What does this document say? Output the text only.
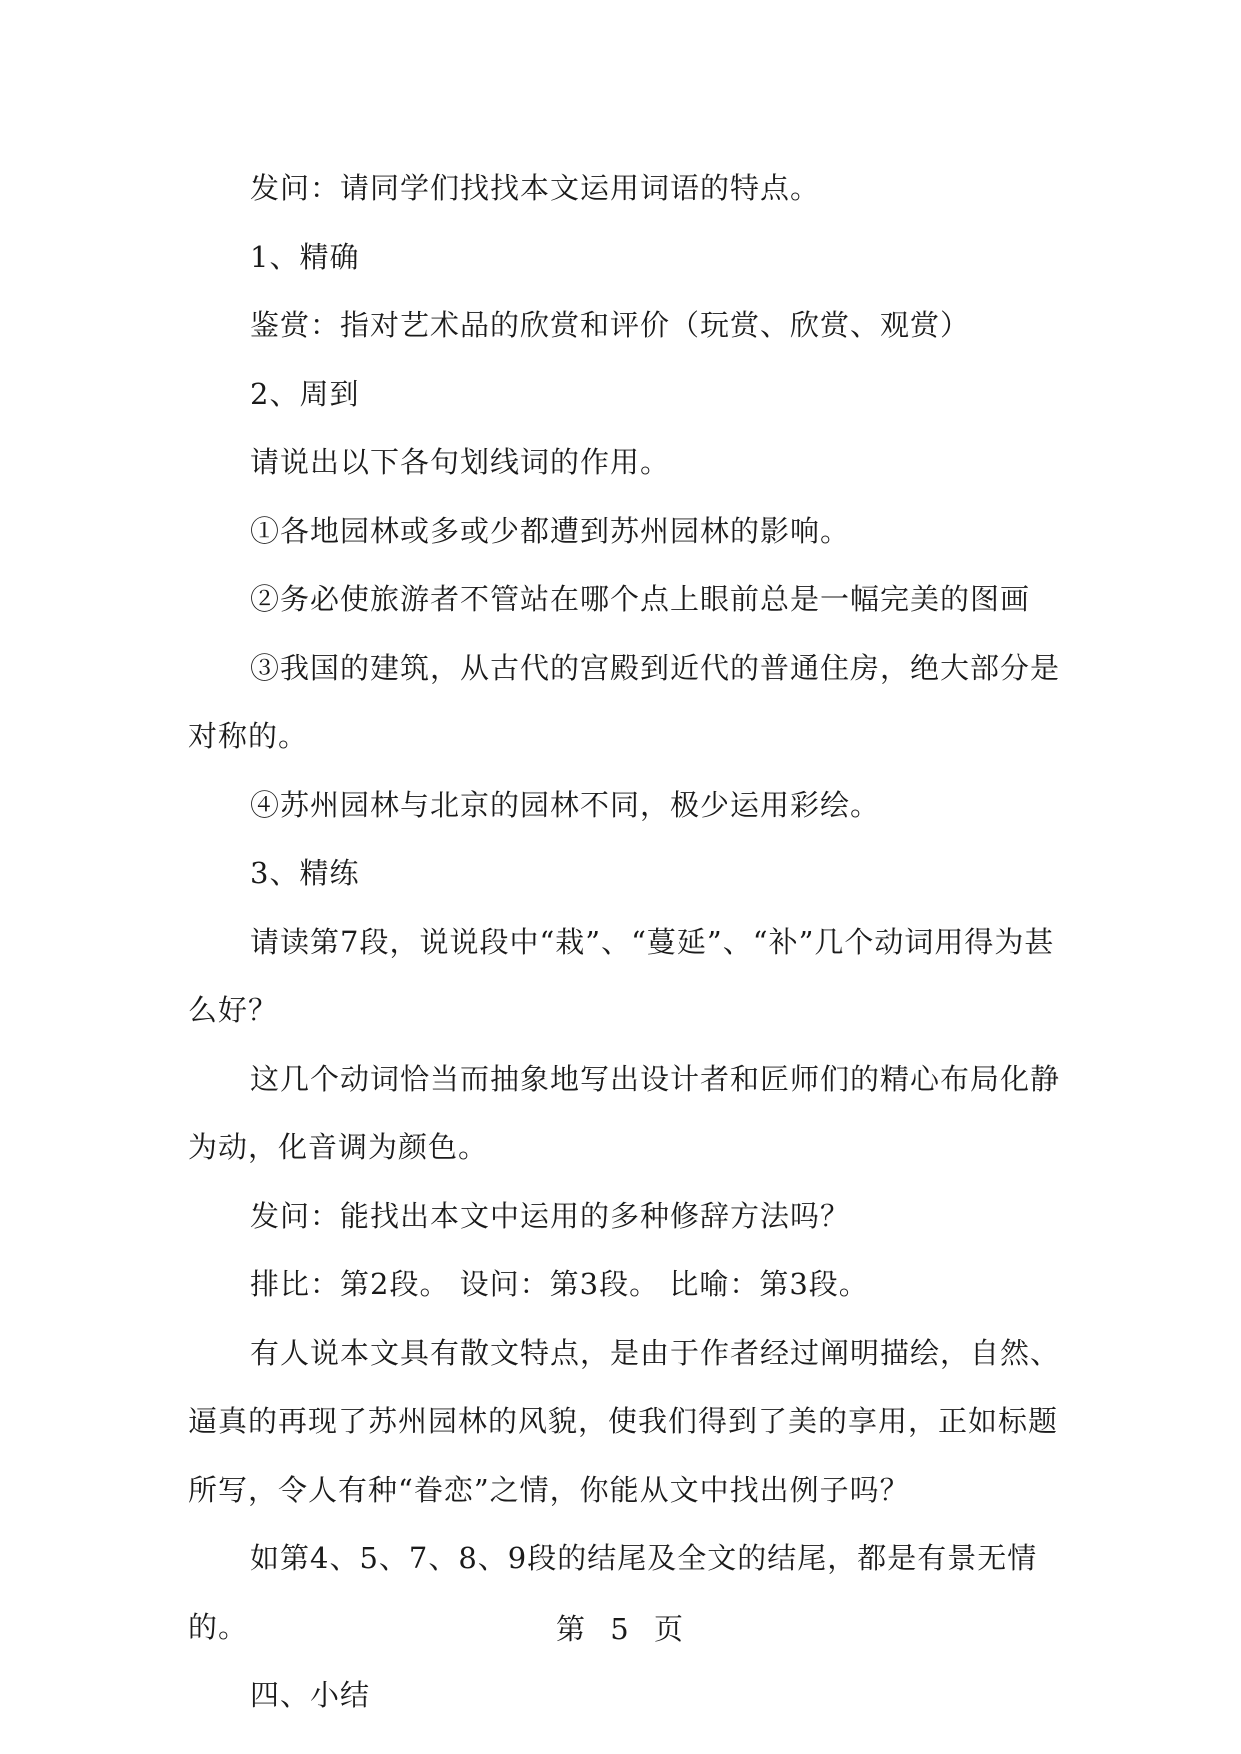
发问：请同学们找找本文运用词语的特点。

1、精确

鉴赏：指对艺术品的欣赏和评价（玩赏、欣赏、观赏）

2、周到

请说出以下各句划线词的作用。

①各地园林或多或少都遭到苏州园林的影响。

②务必使旅游者不管站在哪个点上眼前总是一幅完美的图画

③我国的建筑，从古代的宫殿到近代的普通住房，绝大部分是对称的。

④苏州园林与北京的园林不同，极少运用彩绘。

3、精练

请读第7段，说说段中“栽”、“蔓延”、“补”几个动词用得为甚么好？

这几个动词恰当而抽象地写出设计者和匠师们的精心布局化静为动，化音调为颜色。

发问：能找出本文中运用的多种修辞方法吗？

排比：第2段。 设问：第3段。 比喻：第3段。

有人说本文具有散文特点，是由于作者经过阐明描绘，自然、逼真的再现了苏州园林的风貌，使我们得到了美的享用，正如标题所写，令人有种“眷恋”之情，你能从文中找出例子吗？

如第4、5、7、8、9段的结尾及全文的结尾，都是有景无情的。

四、小结

第 5 页
